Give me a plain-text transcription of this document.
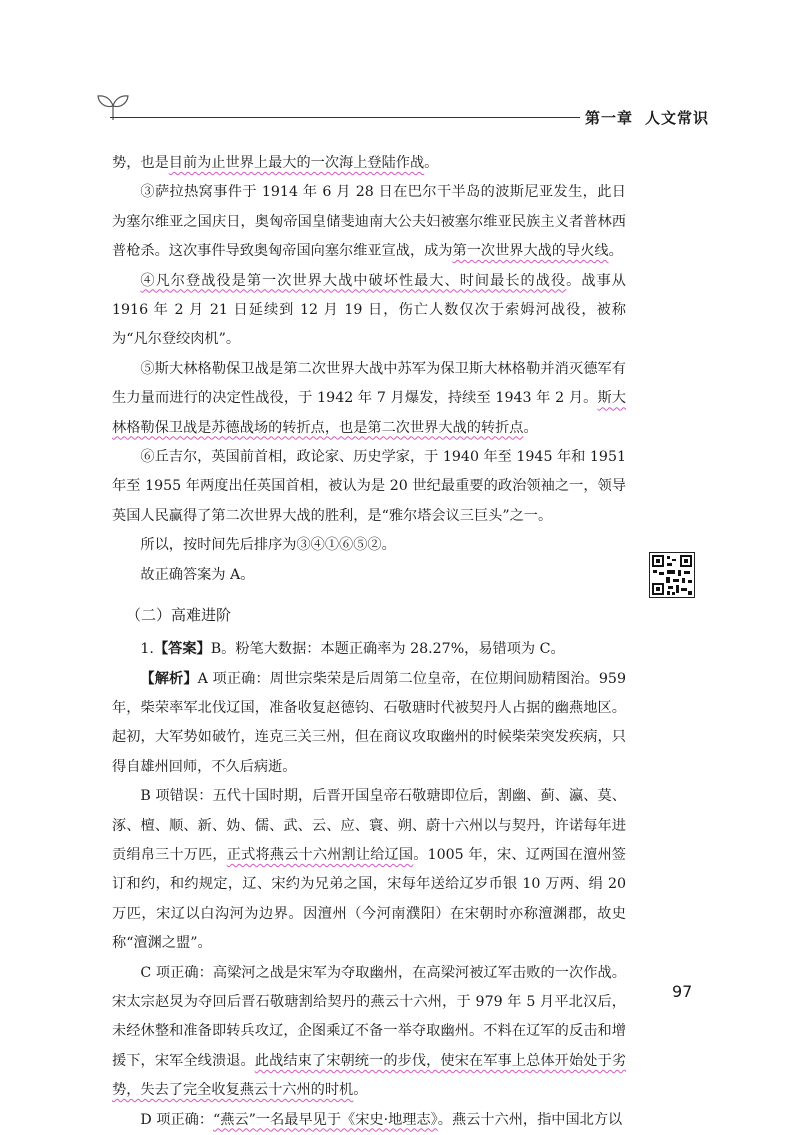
第一章 人文常识

势，也是目前为止世界上最大的一次海上登陆作战。

③萨拉热窝事件于 1914 年 6 月 28 日在巴尔干半岛的波斯尼亚发生，此日为塞尔维亚之国庆日，奥匈帝国皇储斐迪南大公夫妇被塞尔维亚民族主义者普林西普枪杀。这次事件导致奥匈帝国向塞尔维亚宣战，成为第一次世界大战的导火线。

④凡尔登战役是第一次世界大战中破坏性最大、时间最长的战役。战事从 1916 年 2 月 21 日延续到 12 月 19 日，伤亡人数仅次于索姆河战役，被称为“凡尔登绞肉机”。

⑤斯大林格勒保卫战是第二次世界大战中苏军为保卫斯大林格勒并消灭德军有生力量而进行的决定性战役，于 1942 年 7 月爆发，持续至 1943 年 2 月。斯大林格勒保卫战是苏德战场的转折点，也是第二次世界大战的转折点。

⑥丘吉尔，英国前首相，政论家、历史学家，于 1940 年至 1945 年和 1951 年至 1955 年两度出任英国首相，被认为是 20 世纪最重要的政治领袖之一，领导英国人民赢得了第二次世界大战的胜利，是“雅尔塔会议三巨头”之一。

所以，按时间先后排序为③④①⑥⑤②。

故正确答案为 A。

（二）高难进阶

1.【答案】B。粉笔大数据：本题正确率为 28.27%，易错项为 C。

【解析】A 项正确：周世宗柴荣是后周第二位皇帝，在位期间励精图治。959 年，柴荣率军北伐辽国，准备收复赵德钧、石敬瑭时代被契丹人占据的幽燕地区。起初，大军势如破竹，连克三关三州，但在商议攻取幽州的时候柴荣突发疾病，只得自雄州回师，不久后病逝。

B 项错误：五代十国时期，后晋开国皇帝石敬瑭即位后，割幽、蓟、瀛、莫、涿、檀、顺、新、妫、儒、武、云、应、寰、朔、蔚十六州以与契丹，许诺每年进贡绢帛三十万匹，正式将燕云十六州割让给辽国。1005 年，宋、辽两国在澶州签订和约，和约规定，辽、宋约为兄弟之国，宋每年送给辽岁币银 10 万两、绢 20 万匹，宋辽以白沟河为边界。因澶州（今河南濮阳）在宋朝时亦称澶渊郡，故史称“澶渊之盟”。

C 项正确：高梁河之战是宋军为夺取幽州，在高梁河被辽军击败的一次作战。宋太宗赵炅为夺回后晋石敬瑭割给契丹的燕云十六州，于 979 年 5 月平北汉后，未经休整和准备即转兵攻辽，企图乘辽不备一举夺取幽州。不料在辽军的反击和增援下，宋军全线溃退。此战结束了宋朝统一的步伐，使宋在军事上总体开始处于劣势，失去了完全收复燕云十六州的时机。

D 项正确：“燕云”一名最早见于《宋史·地理志》。燕云十六州，指中国北方以

97
